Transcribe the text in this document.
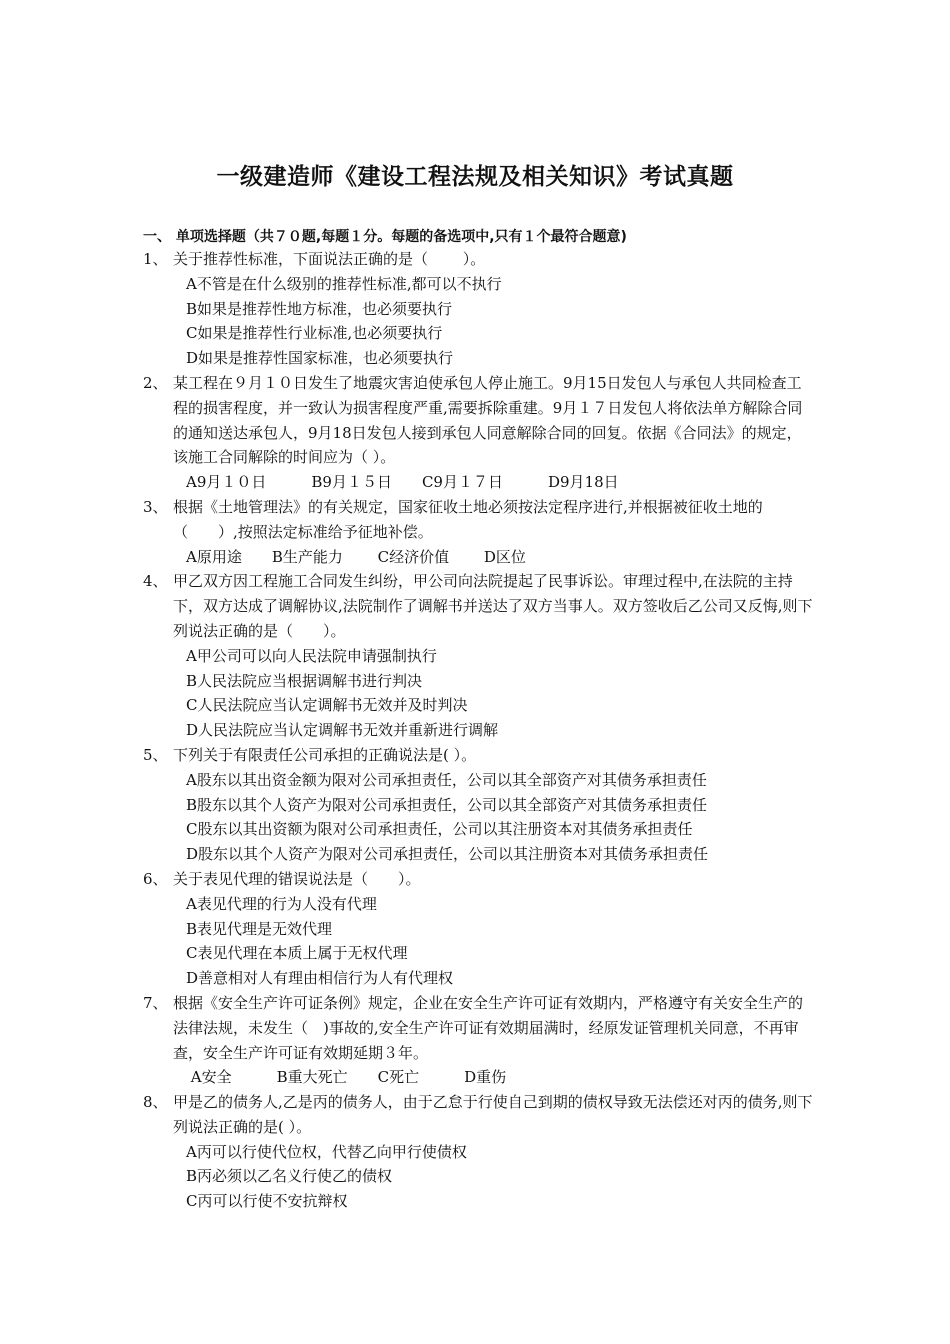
一级建造师《建设工程法规及相关知识》考试真题
一、 单项选择题（共７０题,每题１分。每题的备选项中,只有１个最符合题意)
1、 关于推荐性标准，下面说法正确的是（　　 ）。
A不管是在什么级别的推荐性标准,都可以不执行
B如果是推荐性地方标准，也必须要执行
C如果是推荐性行业标准,也必须要执行
D如果是推荐性国家标准，也必须要执行
2、 某工程在９月１０日发生了地震灾害迫使承包人停止施工。9月15日发包人与承包人共同检查工程的损害程度，并一致认为损害程度严重,需要拆除重建。9月１７日发包人将依法单方解除合同的通知送达承包人，9月18日发包人接到承包人同意解除合同的回复。依据《合同法》的规定，该施工合同解除的时间应为（ ）。
A9月１０日　　　B9月１５日　　C9月１７日　　　D9月18日
3、 根据《土地管理法》的有关规定，国家征收土地必须按法定程序进行,并根据被征收土地的（　　）,按照法定标准给予征地补偿。
A原用途　　B生产能力　　 C经济价值　　 D区位
4、 甲乙双方因工程施工合同发生纠纷，甲公司向法院提起了民事诉讼。审理过程中,在法院的主持下，双方达成了调解协议,法院制作了调解书并送达了双方当事人。双方签收后乙公司又反悔,则下列说法正确的是（　　）。
A甲公司可以向人民法院申请强制执行
B人民法院应当根据调解书进行判决
C人民法院应当认定调解书无效并及时判决
D人民法院应当认定调解书无效并重新进行调解
5、 下列关于有限责任公司承担的正确说法是( ）。
A股东以其出资金额为限对公司承担责任，公司以其全部资产对其债务承担责任
B股东以其个人资产为限对公司承担责任，公司以其全部资产对其债务承担责任
C股东以其出资额为限对公司承担责任，公司以其注册资本对其债务承担责任
D股东以其个人资产为限对公司承担责任，公司以其注册资本对其债务承担责任
6、 关于表见代理的错误说法是（　　）。
A表见代理的行为人没有代理
B表见代理是无效代理
C表见代理在本质上属于无权代理
D善意相对人有理由相信行为人有代理权
7、 根据《安全生产许可证条例》规定，企业在安全生产许可证有效期内，严格遵守有关安全生产的法律法规，未发生（　)事故的,安全生产许可证有效期届满时，经原发证管理机关同意，不再审查，安全生产许可证有效期延期３年。
A安全　　　B重大死亡　　C死亡　　　D重伤
8、 甲是乙的债务人,乙是丙的债务人，由于乙怠于行使自己到期的债权导致无法偿还对丙的债务,则下列说法正确的是( ）。
A丙可以行使代位权，代替乙向甲行使债权
B丙必须以乙名义行使乙的债权
C丙可以行使不安抗辩权
